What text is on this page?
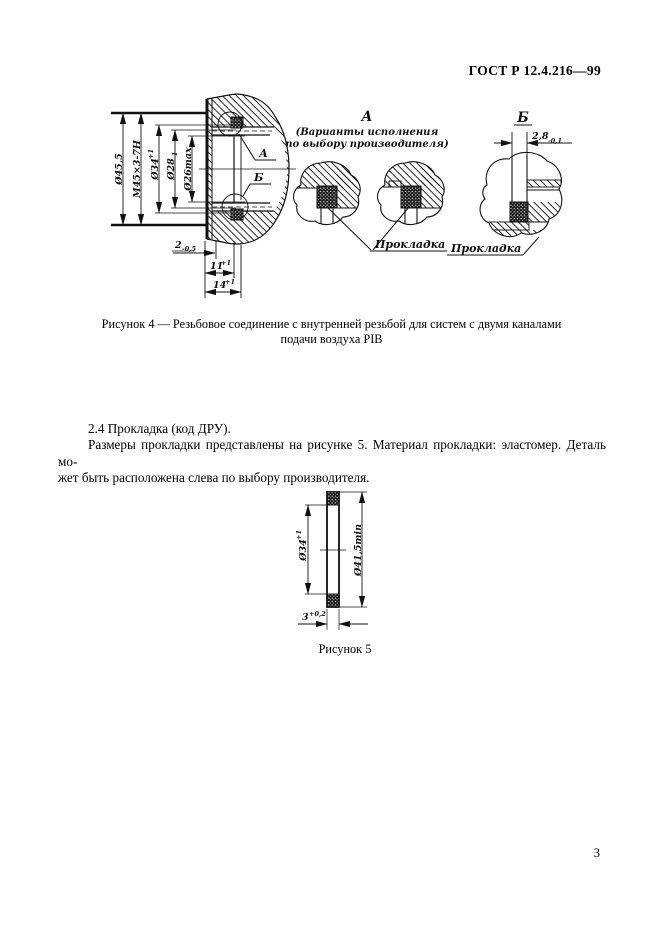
ГОСТ Р 12.4.216—99
А
Б
Ø45,5 M45×3-7H Ø34
+1
Ø28
-1 Ø26max
2 -0,5
11
+1
14
+1
А
(Варианты исполнения
по выбору производителя)
Прокладка
Б
2,8 -0,1
Прокладка
Рисунок 4 — Резьбовое соединение с внутренней резьбой для систем с двумя каналами
подачи воздуха PIB

2.4 Прокладка (код ДРУ).

Размеры прокладки представлены на рисунке 5. Материал прокладки: эластомер. Деталь мо-

жет быть расположена слева по выбору производителя.

Ø34
+1	Ø41,5min
3 +0,2
Рисунок 5
3
